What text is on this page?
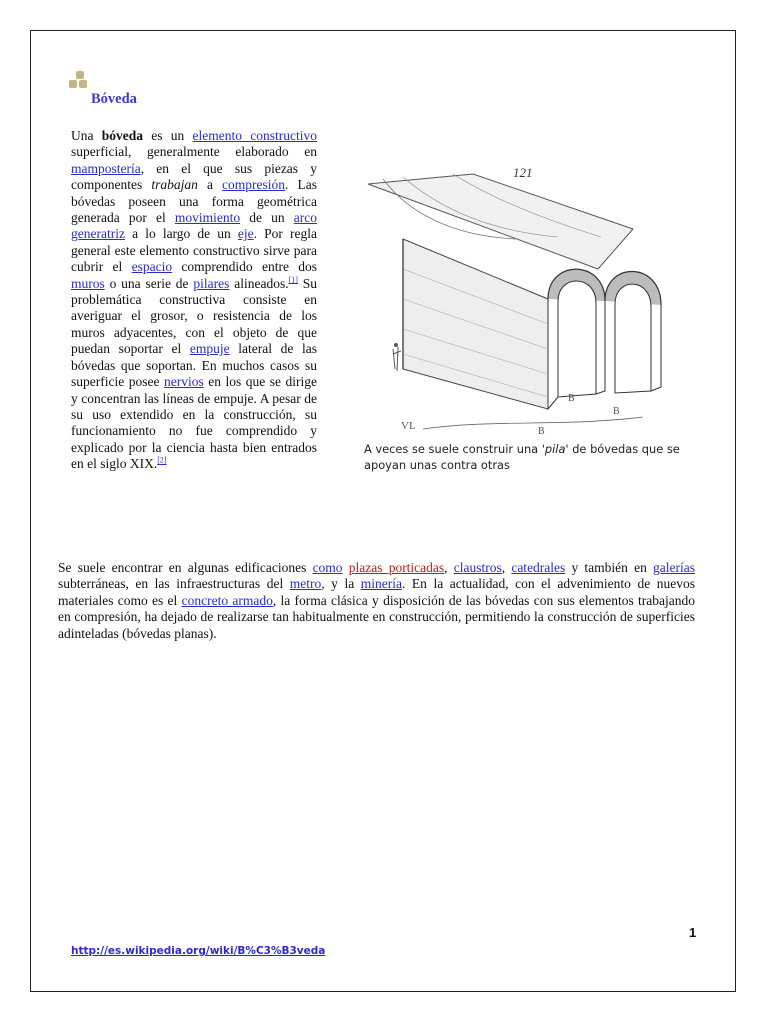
Bóveda
Una bóveda es un elemento constructivo superficial, generalmente elaborado en mampostería, en el que sus piezas y componentes trabajan a compresión. Las bóvedas poseen una forma geométrica generada por el movimiento de un arco generatriz a lo largo de un eje. Por regla general este elemento constructivo sirve para cubrir el espacio comprendido entre dos muros o una serie de pilares alineados.[1] Su problemática constructiva consiste en averiguar el grosor, o resistencia de los muros adyacentes, con el objeto de que puedan soportar el empuje lateral de las bóvedas que soportan. En muchos casos su superficie posee nervios en los que se dirige y concentran las líneas de empuje. A pesar de su uso extendido en la construcción, su funcionamiento no fue comprendido y explicado por la ciencia hasta bien entrados en el siglo XIX.[2]
121
B
B
B
VL
A veces se suele construir una 'pila' de bóvedas que se apoyan unas contra otras
Se suele encontrar en algunas edificaciones como plazas porticadas, claustros, catedrales y también en galerías subterráneas, en las infraestructuras del metro, y la minería. En la actualidad, con el advenimiento de nuevos materiales como es el concreto armado, la forma clásica y disposición de las bóvedas con sus elementos trabajando en compresión, ha dejado de realizarse tan habitualmente en construcción, permitiendo la construcción de superficies adinteladas (bóvedas planas).
1
http://es.wikipedia.org/wiki/B%C3%B3veda
